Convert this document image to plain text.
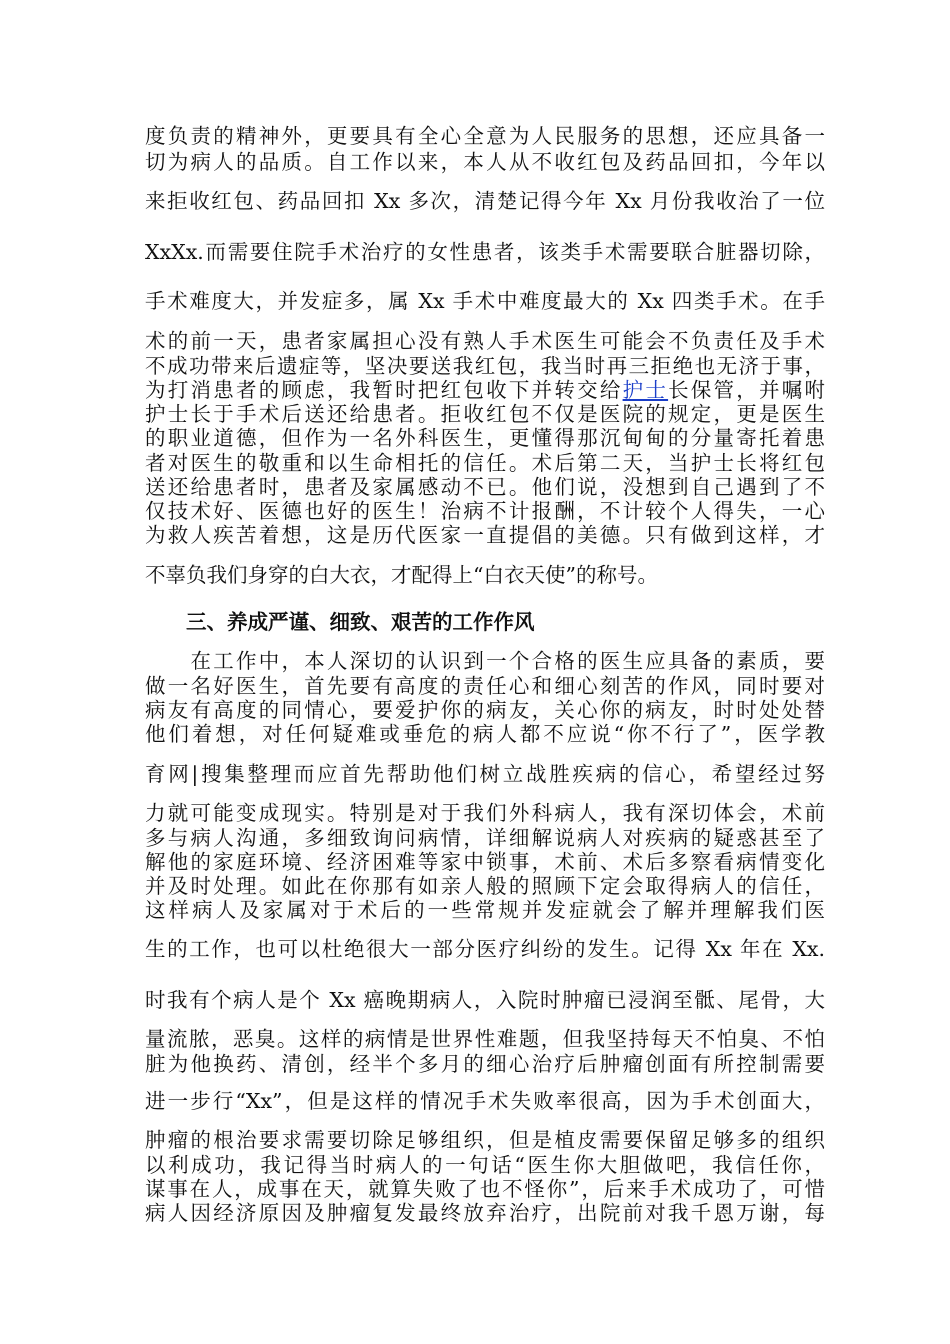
度负责的精神外，更要具有全心全意为人民服务的思想，还应具备一
切为病人的品质。自工作以来，本人从不收红包及药品回扣，今年以
来拒收红包、药品回扣 Xx 多次，清楚记得今年 Xx 月份我收治了一位
XxXx.而需要住院手术治疗的女性患者，该类手术需要联合脏器切除，
手术难度大，并发症多，属 Xx 手术中难度最大的 Xx 四类手术。在手
术的前一天，患者家属担心没有熟人手术医生可能会不负责任及手术
不成功带来后遗症等，坚决要送我红包，我当时再三拒绝也无济于事，
为打消患者的顾虑，我暂时把红包收下并转交给护士长保管，并嘱咐
护士长于手术后送还给患者。拒收红包不仅是医院的规定，更是医生
的职业道德，但作为一名外科医生，更懂得那沉甸甸的分量寄托着患
者对医生的敬重和以生命相托的信任。术后第二天，当护士长将红包
送还给患者时，患者及家属感动不已。他们说，没想到自己遇到了不
仅技术好、医德也好的医生！治病不计报酬，不计较个人得失，一心
为救人疾苦着想，这是历代医家一直提倡的美德。只有做到这样，才
不辜负我们身穿的白大衣，才配得上“白衣天使”的称号。
三、养成严谨、细致、艰苦的工作作风
　　在工作中，本人深切的认识到一个合格的医生应具备的素质，要
做一名好医生，首先要有高度的责任心和细心刻苦的作风，同时要对
病友有高度的同情心，要爱护你的病友，关心你的病友，时时处处替
他们着想，对任何疑难或垂危的病人都不应说“你不行了”，医学教
育网|搜集整理而应首先帮助他们树立战胜疾病的信心，希望经过努
力就可能变成现实。特别是对于我们外科病人，我有深切体会，术前
多与病人沟通，多细致询问病情，详细解说病人对疾病的疑惑甚至了
解他的家庭环境、经济困难等家中锁事，术前、术后多察看病情变化
并及时处理。如此在你那有如亲人般的照顾下定会取得病人的信任，
这样病人及家属对于术后的一些常规并发症就会了解并理解我们医
生的工作，也可以杜绝很大一部分医疗纠纷的发生。记得 Xx 年在 Xx.
时我有个病人是个 Xx 癌晚期病人，入院时肿瘤已浸润至骶、尾骨，大
量流脓，恶臭。这样的病情是世界性难题，但我坚持每天不怕臭、不怕
脏为他换药、清创，经半个多月的细心治疗后肿瘤创面有所控制需要
进一步行“Xx”，但是这样的情况手术失败率很高，因为手术创面大，
肿瘤的根治要求需要切除足够组织，但是植皮需要保留足够多的组织
以利成功，我记得当时病人的一句话“医生你大胆做吧，我信任你，
谋事在人，成事在天，就算失败了也不怪你”，后来手术成功了，可惜
病人因经济原因及肿瘤复发最终放弃治疗，出院前对我千恩万谢，每
